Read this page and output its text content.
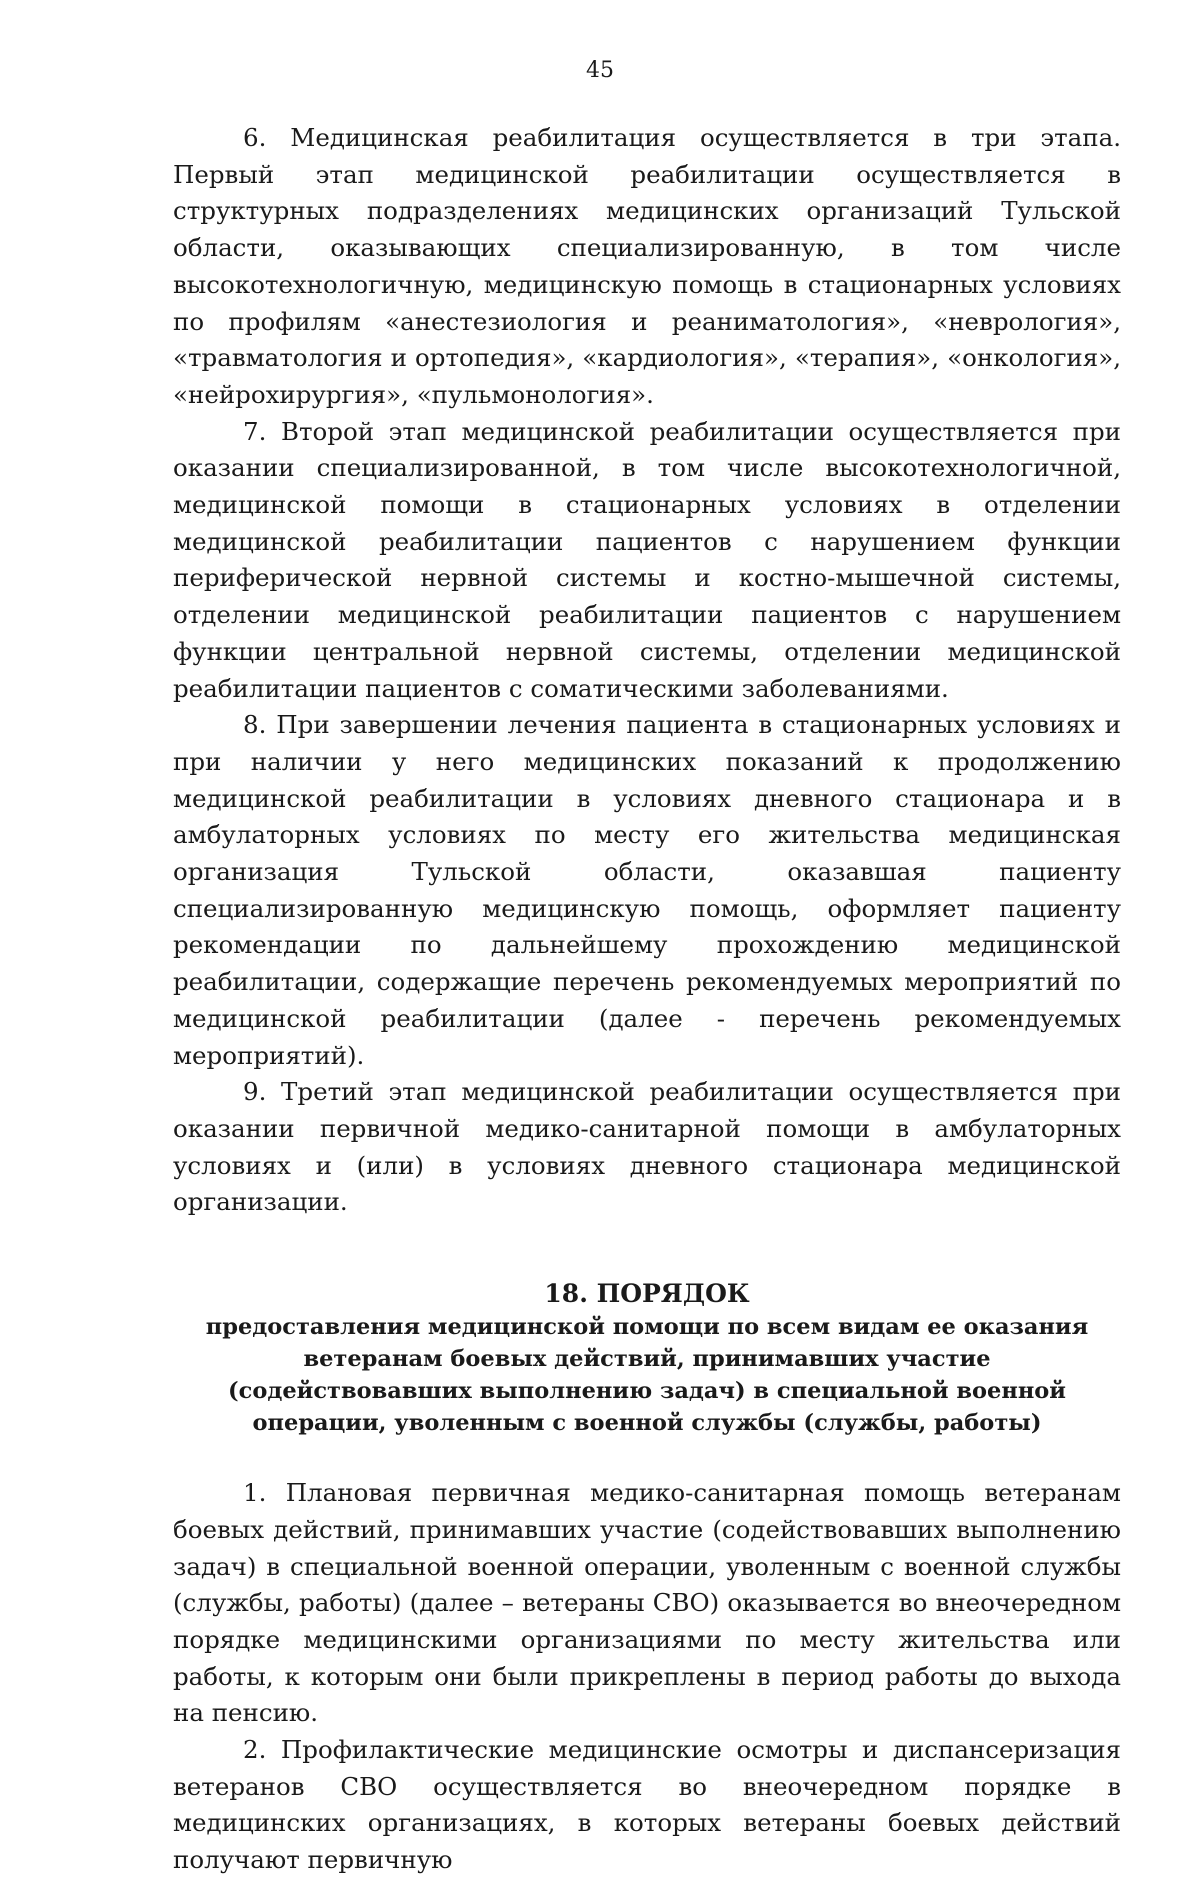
45

6. Медицинская реабилитация осуществляется в три этапа. Первый этап медицинской реабилитации осуществляется в структурных подразделениях медицинских организаций Тульской области, оказывающих специализированную, в том числе высокотехнологичную, медицинскую помощь в стационарных условиях по профилям «анестезиология и реаниматология», «неврология», «травматология и ортопедия», «кардиология», «терапия», «онкология», «нейрохирургия», «пульмонология».

7. Второй этап медицинской реабилитации осуществляется при оказании специализированной, в том числе высокотехнологичной, медицинской помощи в стационарных условиях в отделении медицинской реабилитации пациентов с нарушением функции периферической нервной системы и костно-мышечной системы, отделении медицинской реабилитации пациентов с нарушением функции центральной нервной системы, отделении медицинской реабилитации пациентов с соматическими заболеваниями.

8. При завершении лечения пациента в стационарных условиях и при наличии у него медицинских показаний к продолжению медицинской реабилитации в условиях дневного стационара и в амбулаторных условиях по месту его жительства медицинская организация Тульской области, оказавшая пациенту специализированную медицинскую помощь, оформляет пациенту рекомендации по дальнейшему прохождению медицинской реабилитации, содержащие перечень рекомендуемых мероприятий по медицинской реабилитации (далее - перечень рекомендуемых мероприятий).

9. Третий этап медицинской реабилитации осуществляется при оказании первичной медико-санитарной помощи в амбулаторных условиях и (или) в условиях дневного стационара медицинской организации.

18. ПОРЯДОК

предоставления медицинской помощи по всем видам ее оказания ветеранам боевых действий, принимавших участие (содействовавших выполнению задач) в специальной военной операции, уволенным с военной службы (службы, работы)

1. Плановая первичная медико-санитарная помощь ветеранам боевых действий, принимавших участие (содействовавших выполнению задач) в специальной военной операции, уволенным с военной службы (службы, работы) (далее – ветераны СВО) оказывается во внеочередном порядке медицинскими организациями по месту жительства или работы, к которым они были прикреплены в период работы до выхода на пенсию.

2. Профилактические медицинские осмотры и диспансеризация ветеранов СВО осуществляется во внеочередном порядке в медицинских организациях, в которых ветераны боевых действий получают первичную
